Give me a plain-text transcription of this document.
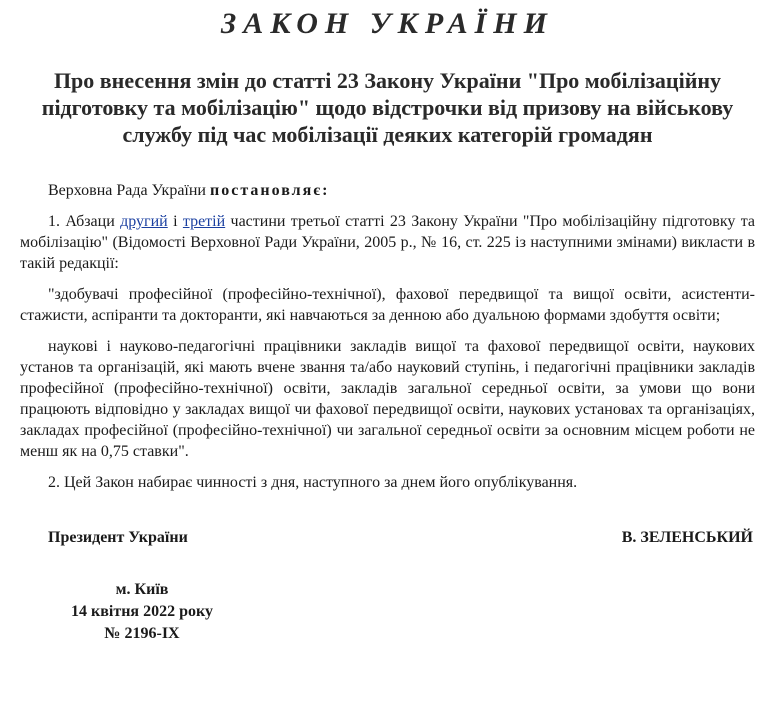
ЗАКОН УКРАЇНИ
Про внесення змін до статті 23 Закону України "Про мобілізаційну підготовку та мобілізацію" щодо відстрочки від призову на військову службу під час мобілізації деяких категорій громадян

Верховна Рада України постановляє:

1. Абзаци другий і третій частини третьої статті 23 Закону України "Про мобілізаційну підготовку та мобілізацію" (Відомості Верховної Ради України, 2005 р., № 16, ст. 225 із наступними змінами) викласти в такій редакції:

"здобувачі професійної (професійно-технічної), фахової передвищої та вищої освіти, асистенти-стажисти, аспіранти та докторанти, які навчаються за денною або дуальною формами здобуття освіти;

наукові і науково-педагогічні працівники закладів вищої та фахової передвищої освіти, наукових установ та організацій, які мають вчене звання та/або науковий ступінь, і педагогічні працівники закладів професійної (професійно-технічної) освіти, закладів загальної середньої освіти, за умови що вони працюють відповідно у закладах вищої чи фахової передвищої освіти, наукових установах та організаціях, закладах професійної (професійно-технічної) чи загальної середньої освіти за основним місцем роботи не менш як на 0,75 ставки".

2. Цей Закон набирає чинності з дня, наступного за днем його опублікування.

Президент України	В. ЗЕЛЕНСЬКИЙ
м. Київ
14 квітня 2022 року
№ 2196-IX
